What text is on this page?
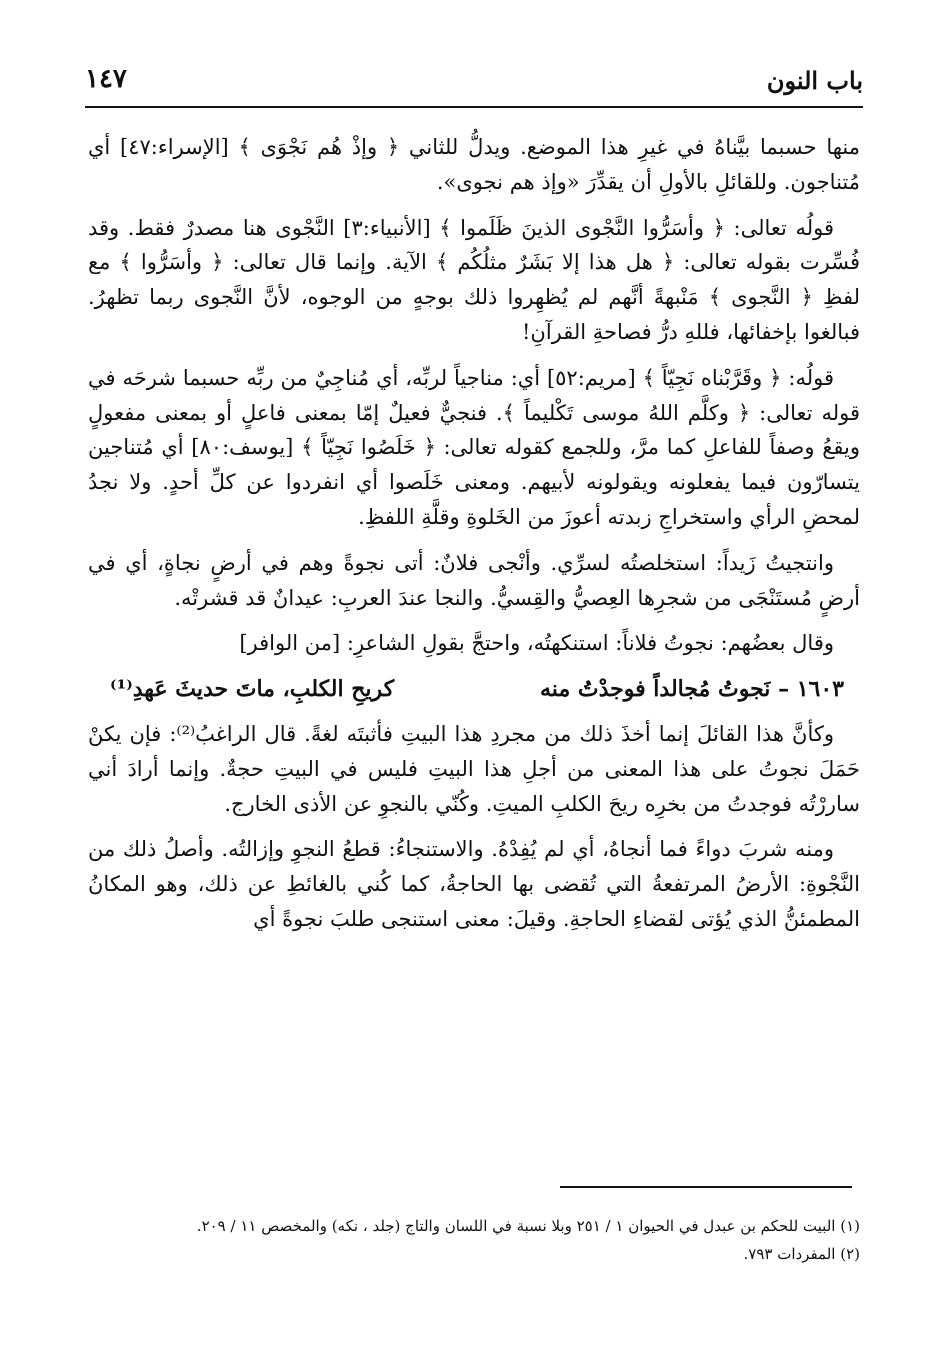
باب النون
١٤٧

منها حسبما بيَّناهُ في غيرِ هذا الموضع. ويدلُّ للثاني ﴿ وإذْ هُم نَجْوَى ﴾ [الإسراء:٤٧] أي مُتناجون. وللقائلِ بالأولِ أن يقدِّرَ «وإذ هم نجوى».

قولُه تعالى: ﴿ وأسَرُّوا النَّجْوى الذينَ ظَلَموا ﴾ [الأنبياء:٣] النَّجْوى هنا مصدرٌ فقط. وقد فُسِّرت بقوله تعالى: ﴿ هل هذا إلا بَشَرٌ مثلُكُم ﴾ الآية. وإنما قال تعالى: ﴿ وأسَرُّوا ﴾ مع لفظِ ﴿ النَّجوى ﴾ مَنْبهةً أنَّهم لم يُظهِروا ذلك بوجهٍ من الوجوه، لأنَّ النَّجوى ربما تظهرُ. فبالغوا بإخفائها، فللهِ درُّ فصاحةِ القرآنِ!

قولُه: ﴿ وقَرَّبْناه نَجِيّاً ﴾ [مريم:٥٢] أي: مناجياً لربِّه، أي مُناجِيٌ من ربِّه حسبما شرحَه في قوله تعالى: ﴿ وكلَّم اللهُ موسى تَكْليماً ﴾. فنجيٌّ فعيلٌ إمّا بمعنى فاعلٍ أو بمعنى مفعولٍ ويقعُ وصفاً للفاعلِ كما مرَّ، وللجمع كقوله تعالى: ﴿ خَلَصُوا نَجِيّاً ﴾ [يوسف:٨٠] أي مُتناجين يتسارّون فيما يفعلونه ويقولونه لأبيهم. ومعنى خَلَصوا أي انفردوا عن كلِّ أحدٍ. ولا نجدُ لمحضِ الرأي واستخراجِ زبدته أعوزَ من الخَلوةِ وقلَّةِ اللفظِ.

وانتجيتُ زَيداً: استخلصتُه لسرِّي. وأنْجى فلانٌ: أتى نجوةً وهم في أرضٍ نجاةٍ، أي في أرضٍ مُستَنْجَى من شجرِها العِصيُّ والقِسيُّ. والنجا عندَ العربِ: عيدانٌ قد قشرتْه.

وقال بعضُهم: نجوتُ فلاناً: استنكهتُه، واحتجَّ بقولِ الشاعرِ: [من الوافر]

١٦٠٣ – نَجوتُ مُجالداً فوجدْتُ منه
كريحِ الكلبِ، ماتَ حديثَ عَهدِ⁽¹⁾

وكأنَّ هذا القائلَ إنما أخذَ ذلك من مجردِ هذا البيتِ فأثبتَه لغةً. قال الراغبُ⁽²⁾: فإن يكنْ حَمَلَ نجوتُ على هذا المعنى من أجلِ هذا البيتِ فليس في البيتِ حجةٌ. وإنما أرادَ أني ساررْتُه فوجدتُ من بخرِه ريحَ الكلبِ الميتِ. وكُنّي بالنجوِ عن الأذى الخارج.

ومنه شربَ دواءً فما أنجاهُ، أي لم يُفِدْهُ. والاستنجاءُ: قطعُ النجوِ وإزالتُه. وأصلُ ذلك من النَّجْوةِ: الأرضُ المرتفعةُ التي تُقضى بها الحاجةُ، كما كُني بالغائطِ عن ذلك، وهو المكانُ المطمئنُّ الذي يُؤتى لقضاءِ الحاجةِ. وقيلَ: معنى استنجى طلبَ نجوةً أي

(١) البيت للحكم بن عبدل في الحيوان ١ / ٢٥١ وبلا نسبة في اللسان والتاج (جلد ، نكه) والمخصص ١١ / ٢٠٩.

(٢) المفردات ٧٩٣.
